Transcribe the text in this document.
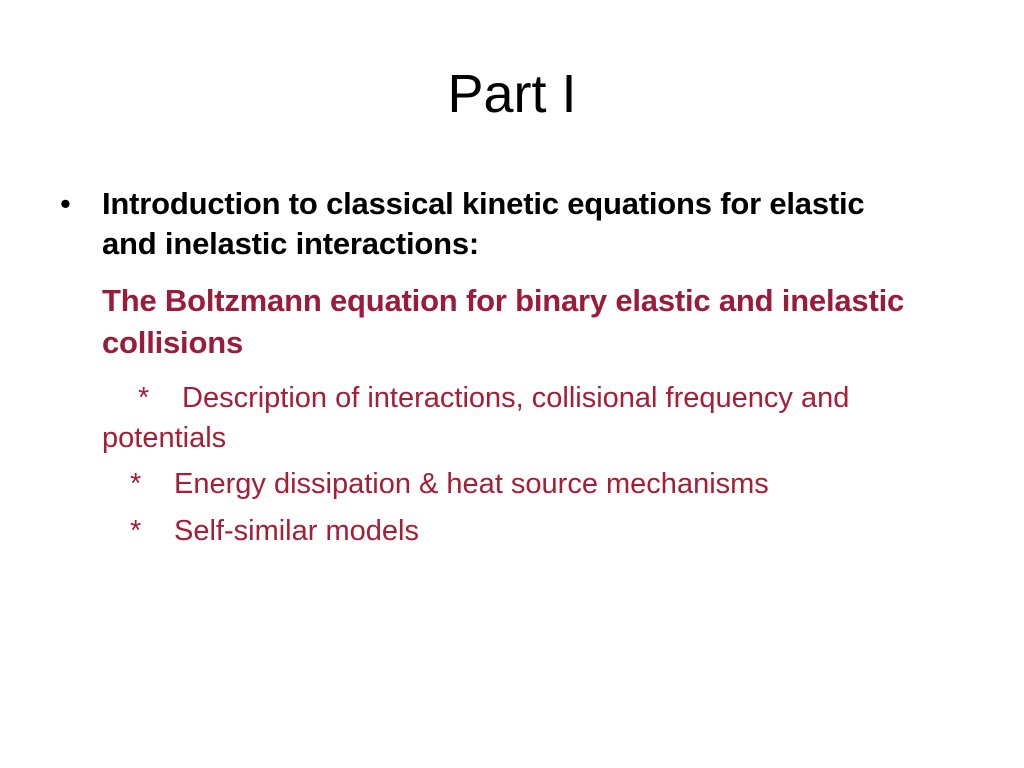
Part I
• Introduction to classical kinetic equations for elastic and inelastic interactions:
The Boltzmann equation for binary elastic and inelastic collisions
* Description of interactions, collisional frequency and potentials
* Energy dissipation & heat source mechanisms
* Self-similar models
